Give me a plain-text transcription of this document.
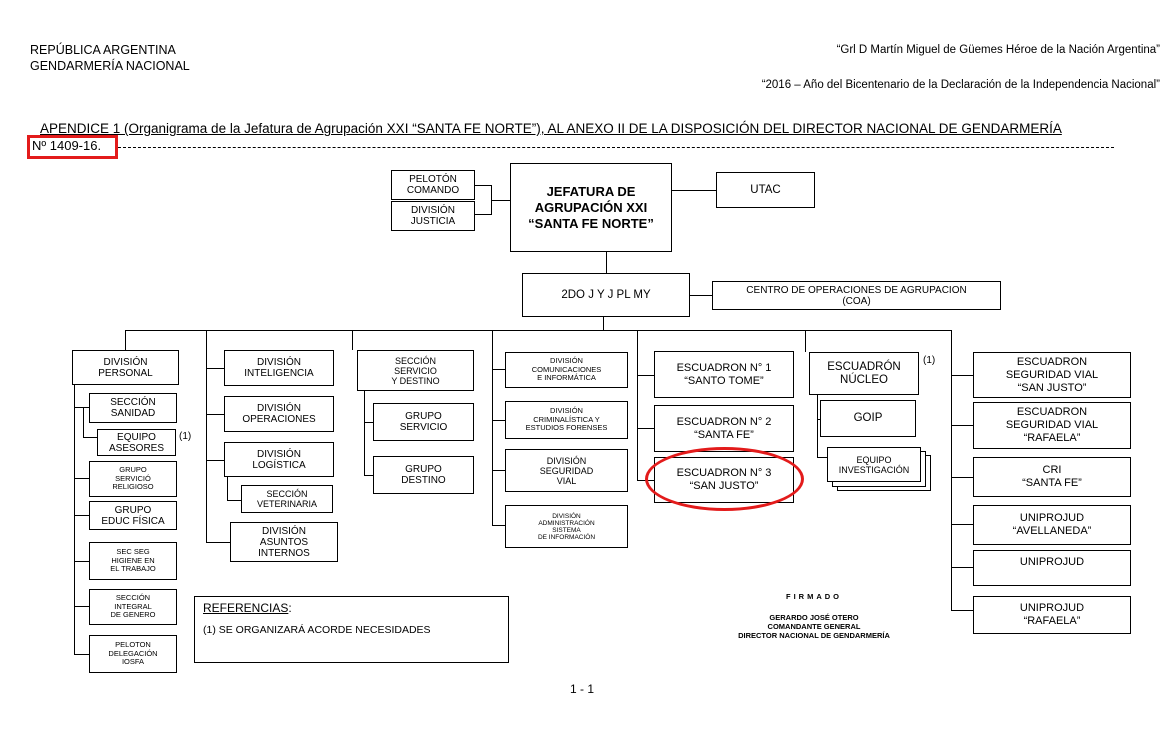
REPÚBLICA ARGENTINA
GENDARMERÍA NACIONAL
“Grl D Martín Miguel de Güemes Héroe de la Nación Argentina”
“2016 – Año del Bicentenario de la Declaración de la Independencia Nacional”
APENDICE 1 (Organigrama de la Jefatura de Agrupación XXI “SANTA FE NORTE”), AL ANEXO II DE LA DISPOSICIÓN DEL DIRECTOR NACIONAL DE GENDARMERÍA
Nº 1409-16.
PELOTÓN
COMANDO
DIVISIÓN
JUSTICIA
JEFATURA DE
AGRUPACIÓN XXI
“SANTA FE NORTE”
UTAC
2DO J Y J PL MY	CENTRO DE OPERACIONES DE AGRUPACION
(COA)
DIVISIÓN
PERSONAL
SECCIÓN
SANIDAD
EQUIPO
ASESORES
(1)
GRUPO
SERVICIÓ
RELIGIOSO
GRUPO
EDUC FÍSICA
SEC SEG
HIGIENE EN
EL TRABAJO
SECCIÓN
INTEGRAL
DE GENERO
PELOTON
DELEGACIÓN
IOSFA
DIVISIÓN
INTELIGENCIA
DIVISIÓN
OPERACIONES
DIVISIÓN
LOGÍSTICA
SECCIÓN
VETERINARIA
DIVISIÓN
ASUNTOS
INTERNOS
SECCIÓN
SERVICIO
Y DESTINO
GRUPO
SERVICIO
GRUPO
DESTINO
DIVISIÓN
COMUNICACIONES
E INFORMÁTICA
DIVISIÓN
CRIMINALÍSTICA Y
ESTUDIOS FORENSES
DIVISIÓN
SEGURIDAD
VIAL
DIVISIÓN
ADMINISTRACIÓN
SISTEMA
DE INFORMACIÓN
ESCUADRON N° 1
“SANTO TOME”
ESCUADRON N° 2
“SANTA FE”
ESCUADRON N° 3
“SAN JUSTO”
ESCUADRÓN
NÚCLEO
(1)
GOIP
EQUIPO
INVESTIGACIÓN
ESCUADRON
SEGURIDAD VIAL
“SAN JUSTO”
ESCUADRON
SEGURIDAD VIAL
“RAFAELA”
CRI
“SANTA FE”
UNIPROJUD
“AVELLANEDA”
UNIPROJUD
UNIPROJUD
“RAFAELA”
REFERENCIAS:
(1) SE ORGANIZARÁ ACORDE NECESIDADES
FIRMADO
GERARDO JOSÉ OTERO
COMANDANTE GENERAL
DIRECTOR NACIONAL DE GENDARMERÍA
1 - 1
